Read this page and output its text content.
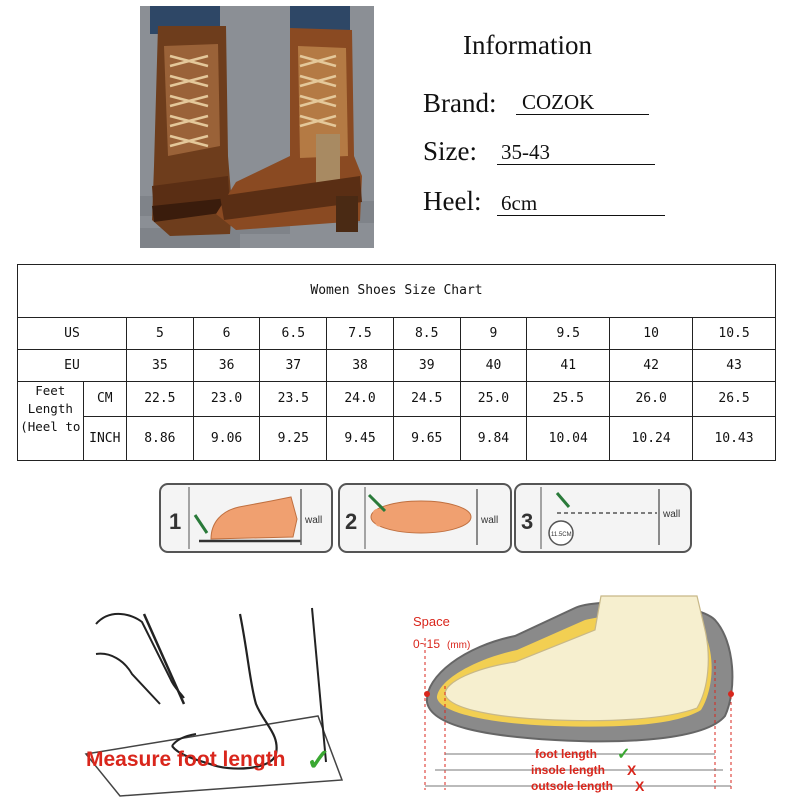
Information
Brand: COZOK
Size: 35-43
Heel: 6cm
Women Shoes Size Chart										
US		5	6	6.5	7.5	8.5	9	9.5	10	10.5
EU		35	36	37	38	39	40	41	42	43
Feet Length (Heel to	CM	22.5	23.0	23.5	24.0	24.5	25.0	25.5	26.0	26.5
	INCH	8.86	9.06	9.25	9.45	9.65	9.84	10.04	10.24	10.43
1	wall 2	wall 3
11.5CM
wall
Measure foot length ✓
Space
0~15 (mm)
foot length ✓
insole length X
outsole length X
